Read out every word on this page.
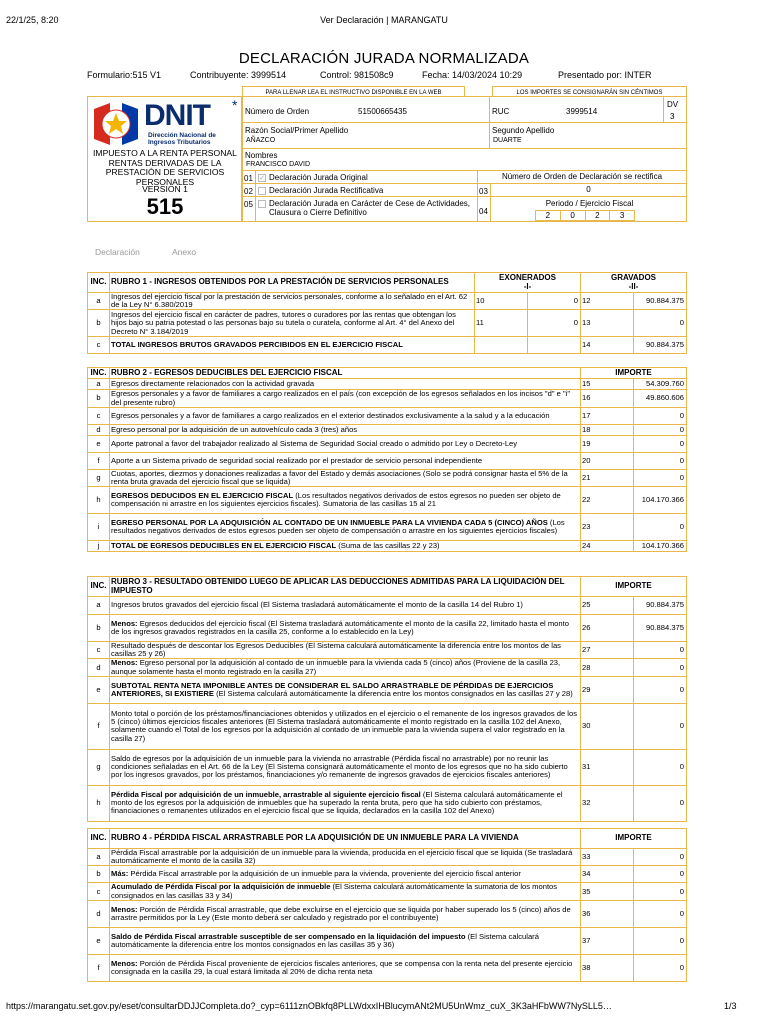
22/1/25, 8:20	Ver Declaración | MARANGATU
DECLARACIÓN JURADA NORMALIZADA
Formulario:515 V1	Contribuyente: 3999514	Control: 981508c9	Fecha: 14/03/2024 10:29	Presentado por: INTER
PARA LLENAR LEA EL INSTRUCTIVO DISPONIBLE EN LA WEB	LOS IMPORTES SE CONSIGNARÁN SIN CÉNTIMOS
DNIT *
Dirección Nacional de
Ingresos Tributarios
IMPUESTO A LA RENTA PERSONAL RENTAS DERIVADAS DE LA PRESTACIÓN DE SERVICIOS PERSONALES
VERSION 1
515
Número de Orden	51500665435	RUC	3999514
DV
3
Razón Social/Primer Apellido
AÑAZCO
Segundo Apellido
DUARTE
Nombres
FRANCISCO DAVID
01 ✓ Declaración Jurada Original
02	Declaración Jurada Rectificativa
05 Declaración Jurada en Carácter de Cese de Actividades, Clausura o Cierre Definitivo
Número de Orden de Declaración se rectifica
03	0
04
Periodo / Ejercicio Fiscal
2	0	2	3
Declaración	Anexo
INC.	RUBRO 1 - INGRESOS OBTENIDOS POR LA PRESTACIÓN DE SERVICIOS PERSONALES	EXONERADOS
-I-		GRAVADOS
-II-	
a	Ingresos del ejercicio fiscal por la prestación de servicios personales, conforme a lo señalado en el Art. 62 de la Ley N° 6.380/2019	10	0	12	90.884.375
b	Ingresos del ejercicio fiscal en carácter de padres, tutores o curadores por las rentas que obtengan los hijos bajo su patria potestad o las personas bajo su tutela o curatela, conforme al Art. 4° del Anexo del Decreto N° 3.184/2019	11	0	13	0
c	TOTAL INGRESOS BRUTOS GRAVADOS PERCIBIDOS EN EL EJERCICIO FISCAL			14	90.884.375
INC.	RUBRO 2 - EGRESOS DEDUCIBLES DEL EJERCICIO FISCAL	IMPORTE	
a	Egresos directamente relacionados con la actividad gravada	15	54.309.760
b	Egresos personales y a favor de familiares a cargo realizados en el país (con excepción de los egresos señalados en los incisos "d" e "i" del presente rubro)	16	49.860.606
c	Egresos personales y a favor de familiares a cargo realizados en el exterior destinados exclusivamente a la salud y a la educación	17	0
d	Egreso personal por la adquisición de un autovehículo cada 3 (tres) años	18	0
e	Aporte patronal a favor del trabajador realizado al Sistema de Seguridad Social creado o admitido por Ley o Decreto-Ley	19	0
f	Aporte a un Sistema privado de seguridad social realizado por el prestador de servicio personal independiente	20	0
g	Cuotas, aportes, diezmos y donaciones realizadas a favor del Estado y demás asociaciones (Solo se podrá consignar hasta el 5% de la renta bruta gravada del ejercicio fiscal que se liquida)	21	0
h	EGRESOS DEDUCIDOS EN EL EJERCICIO FISCAL (Los resultados negativos derivados de estos egresos no pueden ser objeto de compensación ni arrastre en los siguientes ejercicios fiscales). Sumatoria de las casillas 15 al 21	22	104.170.366
i	EGRESO PERSONAL POR LA ADQUISICIÓN AL CONTADO DE UN INMUEBLE PARA LA VIVIENDA CADA 5 (CINCO) AÑOS (Los resultados negativos derivados de estos egresos pueden ser objeto de compensación o arrastre en los siguientes ejercicios fiscales)	23	0
j	TOTAL DE EGRESOS DEDUCIBLES EN EL EJERCICIO FISCAL (Suma de las casillas 22 y 23)	24	104.170.366
INC.	RUBRO 3 - RESULTADO OBTENIDO LUEGO DE APLICAR LAS DEDUCCIONES ADMITIDAS PARA LA LIQUIDACIÓN DEL IMPUESTO	IMPORTE	
a	Ingresos brutos gravados del ejercicio fiscal (El Sistema trasladará automáticamente el monto de la casilla 14 del Rubro 1)	25	90.884.375
b	Menos: Egresos deducidos del ejercicio fiscal (El Sistema trasladará automáticamente el monto de la casilla 22, limitado hasta el monto de los ingresos gravados registrados en la casilla 25, conforme a lo establecido en la Ley)	26	90.884.375
c	Resultado después de descontar los Egresos Deducibles (El Sistema calculará automáticamente la diferencia entre los montos de las casillas 25 y 26)	27	0
d	Menos: Egreso personal por la adquisición al contado de un inmueble para la vivienda cada 5 (cinco) años (Proviene de la casilla 23, aunque solamente hasta el monto registrado en la casilla 27)	28	0
e	SUBTOTAL RENTA NETA IMPONIBLE ANTES DE CONSIDERAR EL SALDO ARRASTRABLE DE PÉRDIDAS DE EJERCICIOS ANTERIORES, SI EXISTIERE (El Sistema calculará automáticamente la diferencia entre los montos consignados en las casillas 27 y 28)	29	0
f	Monto total o porción de los préstamos/financiaciones obtenidos y utilizados en el ejercicio o el remanente de los ingresos gravados de los 5 (cinco) últimos ejercicios fiscales anteriores (El Sistema trasladará automáticamente el monto registrado en la casilla 102 del Anexo, solamente cuando el Total de los egresos por la adquisición al contado de un inmueble para la vivienda supera el valor registrado en la casilla 27)	30	0
g	Saldo de egresos por la adquisición de un inmueble para la vivienda no arrastrable (Pérdida fiscal no arrastrable) por no reunir las condiciones señaladas en el Art. 66 de la Ley (El Sistema consignará automáticamente el monto de los egresos que no ha sido cubierto por los ingresos gravados, por los préstamos, financiaciones y/o remanente de ingresos gravados de ejercicios fiscales anteriores)	31	0
h	Pérdida Fiscal por adquisición de un inmueble, arrastrable al siguiente ejercicio fiscal (El Sistema calculará automáticamente el monto de los egresos por la adquisición de inmuebles que ha superado la renta bruta, pero que ha sido cubierto con préstamos, financiaciones o remanentes utilizados en el ejercicio fiscal que se liquida, declarados en la casilla 102 del Anexo)	32	0
INC.	RUBRO 4 - PÉRDIDA FISCAL ARRASTRABLE POR LA ADQUISICIÓN DE UN INMUEBLE PARA LA VIVIENDA	IMPORTE	
a	Pérdida Fiscal arrastrable por la adquisición de un inmueble para la vivienda, producida en el ejercicio fiscal que se liquida (Se trasladará automáticamente el monto de la casilla 32)	33	0
b	Más: Pérdida Fiscal arrastrable por la adquisición de un inmueble para la vivienda, proveniente del ejercicio fiscal anterior	34	0
c	Acumulado de Pérdida Fiscal por la adquisición de inmueble (El Sistema calculará automáticamente la sumatoria de los montos consignados en las casillas 33 y 34)	35	0
d	Menos: Porción de Pérdida Fiscal arrastrable, que debe excluirse en el ejercicio que se liquida por haber superado los 5 (cinco) años de arrastre permitidos por la Ley (Este monto deberá ser calculado y registrado por el contribuyente)	36	0
e	Saldo de Pérdida Fiscal arrastrable susceptible de ser compensado en la liquidación del impuesto (El Sistema calculará automáticamente la diferencia entre los montos consignados en las casillas 35 y 36)	37	0
f	Menos: Porción de Pérdida Fiscal proveniente de ejercicios fiscales anteriores, que se compensa con la renta neta del presente ejercicio consignada en la casilla 29, la cual estará limitada al 20% de dicha renta neta	38	0
https://marangatu.set.gov.py/eset/consultarDDJJCompleta.do?_cyp=6111znOBkfq8PLLWdxxIHBlucymANt2MU5UnWmz_cuX_3K3aHFbWW7NySLL5…	1/3
